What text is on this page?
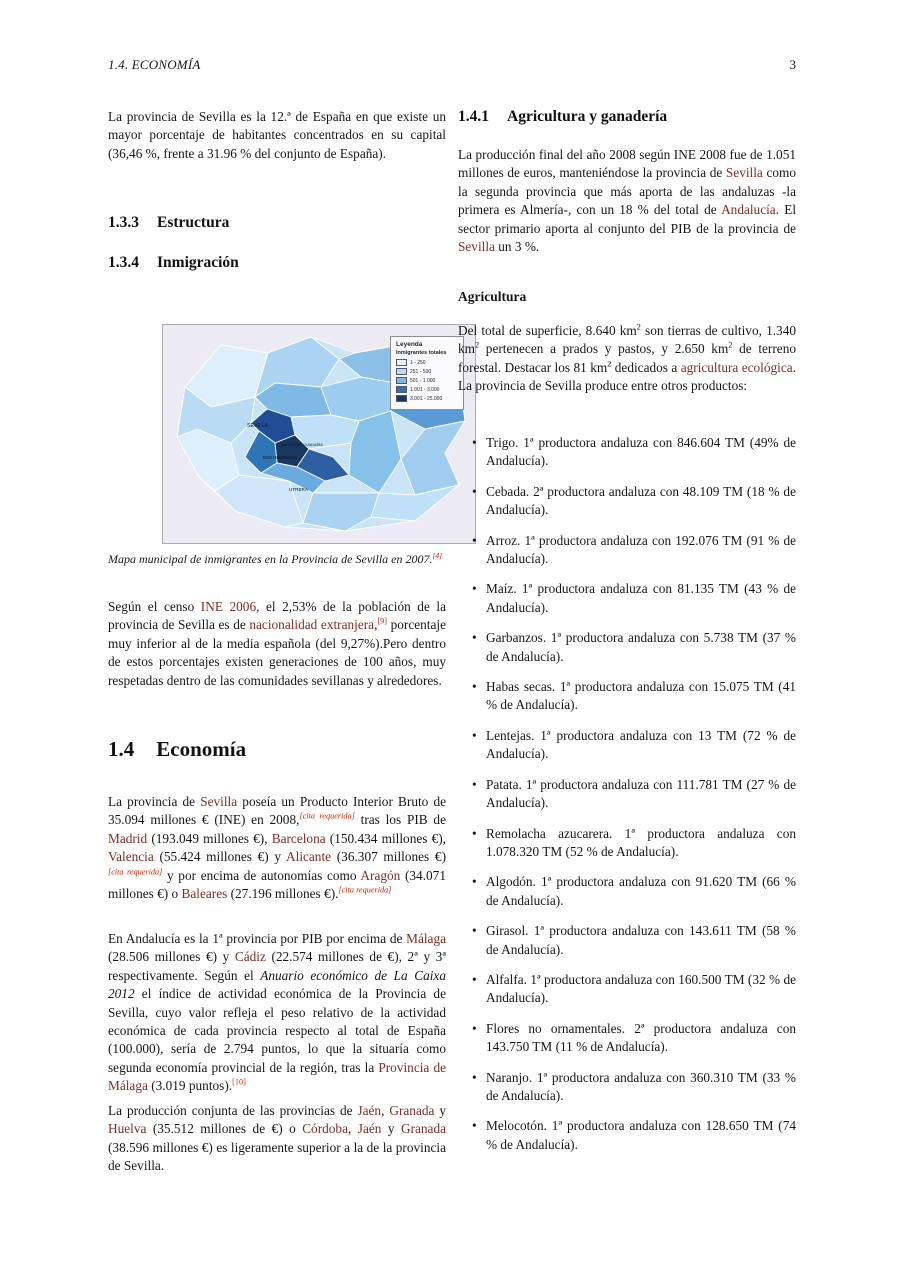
1.4. ECONOMÍA	3
La provincia de Sevilla es la 12.ª de España en que existe un mayor porcentaje de habitantes concentrados en su capital (36,46 %, frente a 31.96 % del conjunto de España).
1.3.3 Estructura
1.3.4 Inmigración
SEVILLA
ALCALÁ DE GUADAÍRA
DOS HERMANAS
UTRERA
Leyenda
Inmigrantes totales
1 - 250
251 - 500
501 - 1.000
1.001 - 3.000
3.001 - 25.000
Mapa municipal de inmigrantes en la Provincia de Sevilla en 2007.[4]
Según el censo INE 2006, el 2,53% de la población de la provincia de Sevilla es de nacionalidad extranjera,[9] porcentaje muy inferior al de la media española (del 9,27%).Pero dentro de estos porcentajes existen generaciones de 100 años, muy respetadas dentro de las comunidades sevillanas y alrededores.
1.4 Economía
La provincia de Sevilla poseía un Producto Interior Bruto de 35.094 millones € (INE) en 2008,[cita requerida] tras los PIB de Madrid (193.049 millones €), Barcelona (150.434 millones €), Valencia (55.424 millones €) y Alicante (36.307 millones €)[cita requerida] y por encima de autonomías como Aragón (34.071 millones €) o Baleares (27.196 millones €).[cita requerida]
En Andalucía es la 1ª provincia por PIB por encima de Málaga (28.506 millones €) y Cádiz (22.574 millones de €), 2ª y 3ª respectivamente. Según el Anuario económico de La Caixa 2012 el índice de actividad económica de la Provincia de Sevilla, cuyo valor refleja el peso relativo de la actividad económica de cada provincia respecto al total de España (100.000), sería de 2.794 puntos, lo que la situaría como segunda economía provincial de la región, tras la Provincia de Málaga (3.019 puntos).[10]
La producción conjunta de las provincias de Jaén, Granada y Huelva (35.512 millones de €) o Córdoba, Jaén y Granada (38.596 millones €) es ligeramente superior a la de la provincia de Sevilla.
1.4.1 Agricultura y ganadería
La producción final del año 2008 según INE 2008 fue de 1.051 millones de euros, manteniéndose la provincia de Sevilla como la segunda provincia que más aporta de las andaluzas -la primera es Almería-, con un 18 % del total de Andalucía. El sector primario aporta al conjunto del PIB de la provincia de Sevilla un 3 %.
Agricultura
Del total de superficie, 8.640 $km^2$ son tierras de cultivo, 1.340 $km^2$ pertenecen a prados y pastos, y 2.650 $km^2$ de terreno forestal. Destacar los 81 $km^2$ dedicados a agricultura ecológica. La provincia de Sevilla produce entre otros productos:
• Trigo. 1ª productora andaluza con 846.604 TM (49% de Andalucía).
• Cebada. 2ª productora andaluza con 48.109 TM (18 % de Andalucía).
• Arroz. 1ª productora andaluza con 192.076 TM (91 % de Andalucía).
• Maíz. 1ª productora andaluza con 81.135 TM (43 % de Andalucía).
• Garbanzos. 1ª productora andaluza con 5.738 TM (37 % de Andalucía).
• Habas secas. 1ª productora andaluza con 15.075 TM (41 % de Andalucía).
• Lentejas. 1ª productora andaluza con 13 TM (72 % de Andalucía).
• Patata. 1ª productora andaluza con 111.781 TM (27 % de Andalucía).
• Remolacha azucarera. 1ª productora andaluza con 1.078.320 TM (52 % de Andalucía).
• Algodón. 1ª productora andaluza con 91.620 TM (66 % de Andalucía).
• Girasol. 1ª productora andaluza con 143.611 TM (58 % de Andalucía).
• Alfalfa. 1ª productora andaluza con 160.500 TM (32 % de Andalucía).
• Flores no ornamentales. 2ª productora andaluza con 143.750 TM (11 % de Andalucía).
• Naranjo. 1ª productora andaluza con 360.310 TM (33 % de Andalucía).
• Melocotón. 1ª productora andaluza con 128.650 TM (74 % de Andalucía).
